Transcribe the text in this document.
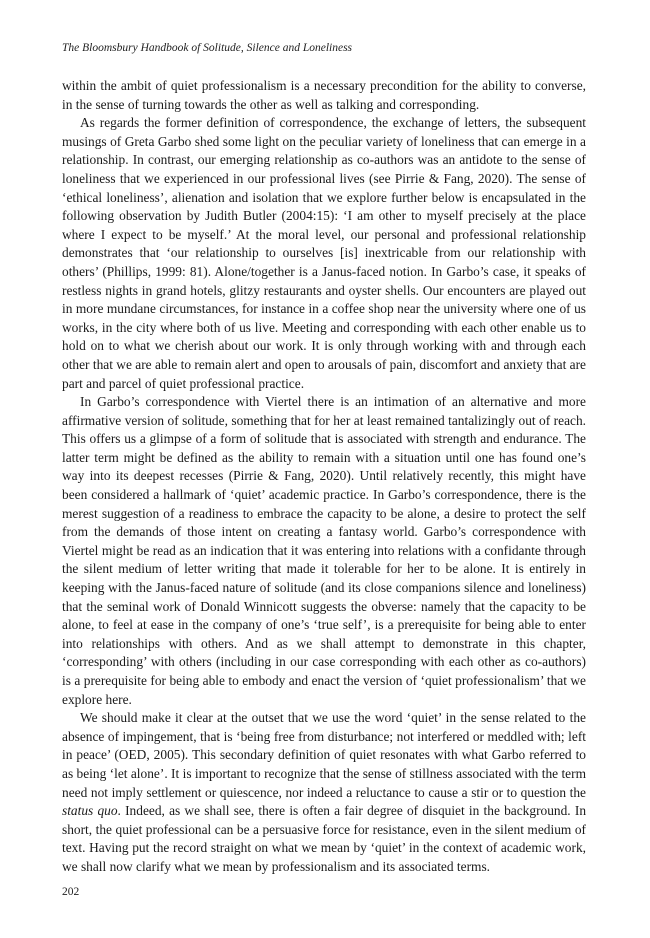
The Bloomsbury Handbook of Solitude, Silence and Loneliness

within the ambit of quiet professionalism is a necessary precondition for the ability to converse, in the sense of turning towards the other as well as talking and corresponding.

As regards the former definition of correspondence, the exchange of letters, the subsequent musings of Greta Garbo shed some light on the peculiar variety of loneliness that can emerge in a relationship. In contrast, our emerging relationship as co-authors was an antidote to the sense of loneliness that we experienced in our professional lives (see Pirrie & Fang, 2020). The sense of ‘ethical loneliness’, alienation and isolation that we explore further below is encapsulated in the following observation by Judith Butler (2004:15): ‘I am other to myself precisely at the place where I expect to be myself.’ At the moral level, our personal and professional relationship demonstrates that ‘our relationship to ourselves [is] inextricable from our relationship with others’ (Phillips, 1999: 81). Alone/together is a Janus-faced notion. In Garbo’s case, it speaks of restless nights in grand hotels, glitzy restaurants and oyster shells. Our encounters are played out in more mundane circumstances, for instance in a coffee shop near the university where one of us works, in the city where both of us live. Meeting and corresponding with each other enable us to hold on to what we cherish about our work. It is only through working with and through each other that we are able to remain alert and open to arousals of pain, discomfort and anxiety that are part and parcel of quiet professional practice.

In Garbo’s correspondence with Viertel there is an intimation of an alternative and more affirmative version of solitude, something that for her at least remained tantalizingly out of reach. This offers us a glimpse of a form of solitude that is associated with strength and endurance. The latter term might be defined as the ability to remain with a situation until one has found one’s way into its deepest recesses (Pirrie & Fang, 2020). Until relatively recently, this might have been considered a hallmark of ‘quiet’ academic practice. In Garbo’s correspondence, there is the merest suggestion of a readiness to embrace the capacity to be alone, a desire to protect the self from the demands of those intent on creating a fantasy world. Garbo’s correspondence with Viertel might be read as an indication that it was entering into relations with a confidante through the silent medium of letter writing that made it tolerable for her to be alone. It is entirely in keeping with the Janus-faced nature of solitude (and its close companions silence and loneliness) that the seminal work of Donald Winnicott suggests the obverse: namely that the capacity to be alone, to feel at ease in the company of one’s ‘true self’, is a prerequisite for being able to enter into relationships with others. And as we shall attempt to demonstrate in this chapter, ‘corresponding’ with others (including in our case corresponding with each other as co-authors) is a prerequisite for being able to embody and enact the version of ‘quiet professionalism’ that we explore here.

We should make it clear at the outset that we use the word ‘quiet’ in the sense related to the absence of impingement, that is ‘being free from disturbance; not interfered or meddled with; left in peace’ (OED, 2005). This secondary definition of quiet resonates with what Garbo referred to as being ‘let alone’. It is important to recognize that the sense of stillness associated with the term need not imply settlement or quiescence, nor indeed a reluctance to cause a stir or to question the status quo. Indeed, as we shall see, there is often a fair degree of disquiet in the background. In short, the quiet professional can be a persuasive force for resistance, even in the silent medium of text. Having put the record straight on what we mean by ‘quiet’ in the context of academic work, we shall now clarify what we mean by professionalism and its associated terms.

202
